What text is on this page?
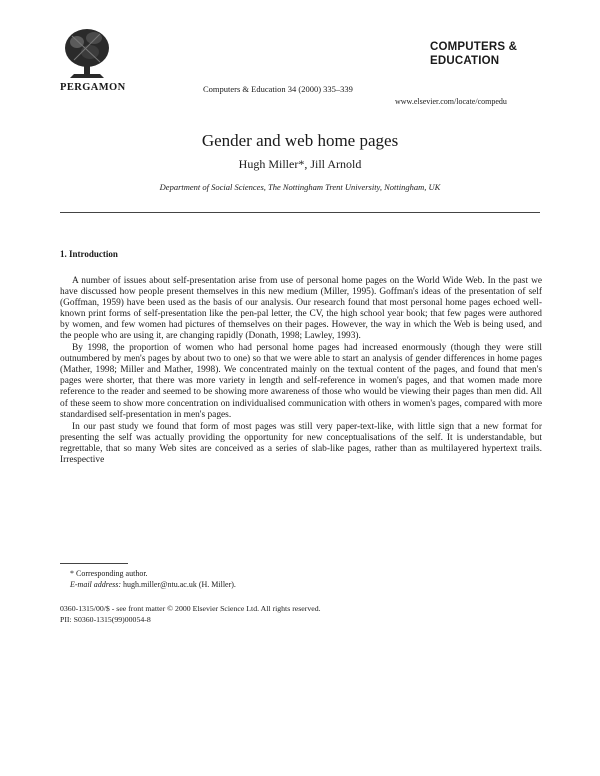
PERGAMON	Computers & Education 34 (2000) 335–339
COMPUTERS &
EDUCATION
www.elsevier.com/locate/compedu
Gender and web home pages
Hugh Miller*, Jill Arnold
Department of Social Sciences, The Nottingham Trent University, Nottingham, UK
1. Introduction

A number of issues about self-presentation arise from use of personal home pages on the World Wide Web. In the past we have discussed how people present themselves in this new medium (Miller, 1995). Goffman's ideas of the presentation of self (Goffman, 1959) have been used as the basis of our analysis. Our research found that most personal home pages echoed well-known print forms of self-presentation like the pen-pal letter, the CV, the high school year book; that few pages were authored by women, and few women had pictures of themselves on their pages. However, the way in which the Web is being used, and the people who are using it, are changing rapidly (Donath, 1998; Lawley, 1993).

By 1998, the proportion of women who had personal home pages had increased enormously (though they were still outnumbered by men's pages by about two to one) so that we were able to start an analysis of gender differences in home pages (Mather, 1998; Miller and Mather, 1998). We concentrated mainly on the textual content of the pages, and found that men's pages were shorter, that there was more variety in length and self-reference in women's pages, and that women made more reference to the reader and seemed to be showing more awareness of those who would be viewing their pages than men did. All of these seem to show more concentration on individualised communication with others in women's pages, compared with more standardised self-presentation in men's pages.

In our past study we found that form of most pages was still very paper-text-like, with little sign that a new format for presenting the self was actually providing the opportunity for new conceptualisations of the self. It is understandable, but regrettable, that so many Web sites are conceived as a series of slab-like pages, rather than as multilayered hypertext trails. Irrespective

* Corresponding author.
E-mail address: hugh.miller@ntu.ac.uk (H. Miller).
0360-1315/00/$ - see front matter © 2000 Elsevier Science Ltd. All rights reserved.
PII: S0360-1315(99)00054-8
